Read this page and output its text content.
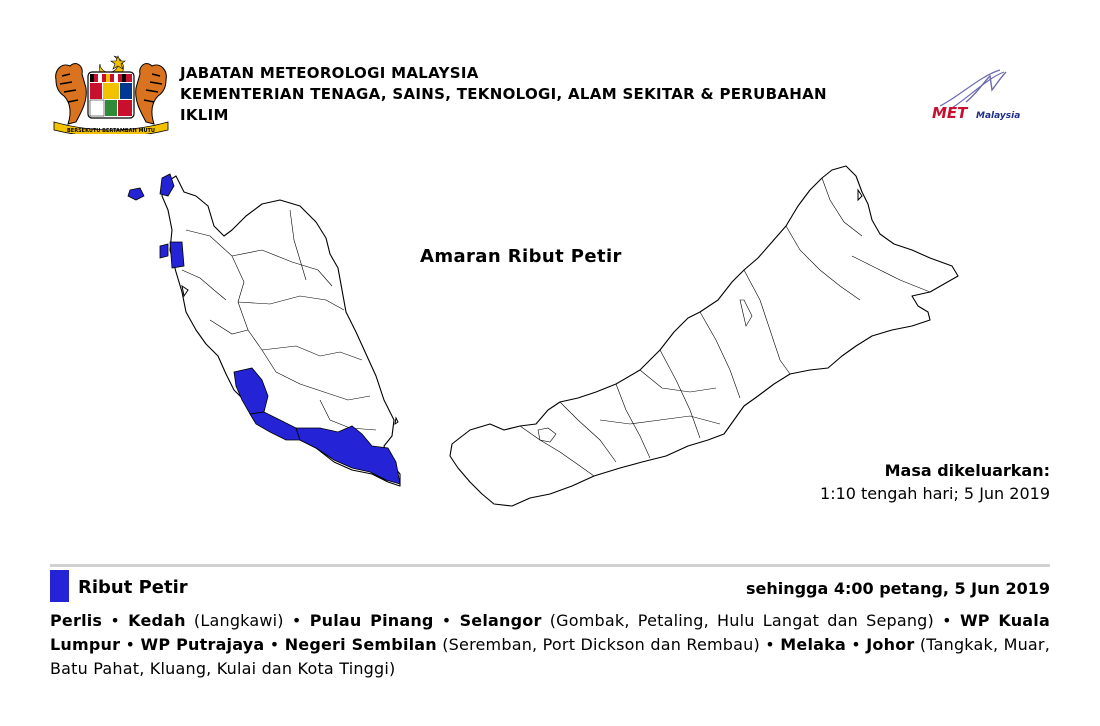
BERSEKUTU BERTAMBAH MUTU
JABATAN METEOROLOGI MALAYSIA
KEMENTERIAN TENAGA, SAINS, TEKNOLOGI, ALAM SEKITAR & PERUBAHAN
IKLIM	MET Malaysia
Amaran Ribut Petir
Masa dikeluarkan:
1:10 tengah hari; 5 Jun 2019
Ribut Petir	sehingga 4:00 petang, 5 Jun 2019
Perlis • Kedah (Langkawi) • Pulau Pinang • Selangor (Gombak, Petaling, Hulu Langat dan Sepang) • WP Kuala Lumpur • WP Putrajaya • Negeri Sembilan (Seremban, Port Dickson dan Rembau) • Melaka • Johor (Tangkak, Muar, Batu Pahat, Kluang, Kulai dan Kota Tinggi)
